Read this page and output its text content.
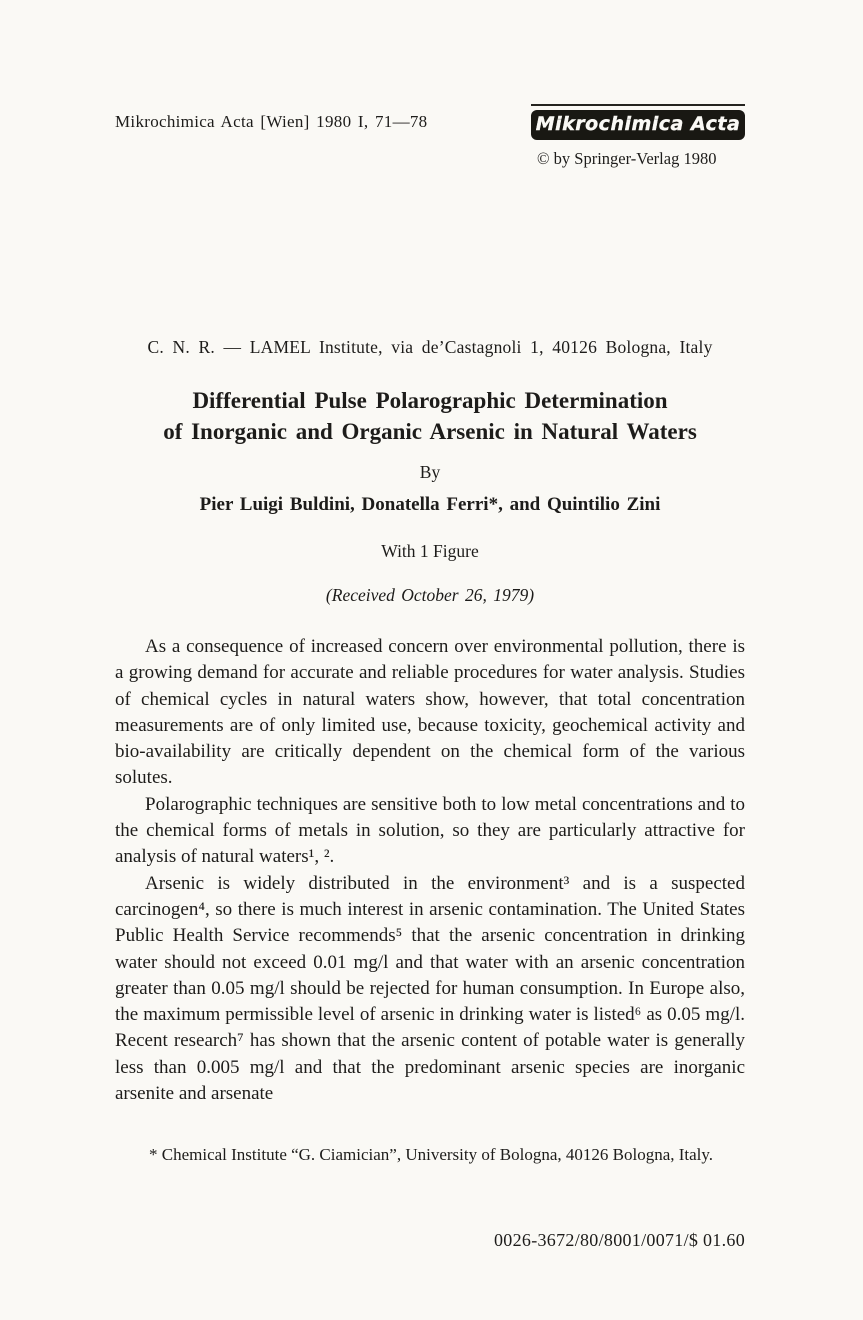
Mikrochimica Acta [Wien] 1980 I, 71—78	Mikrochimica Acta
© by Springer-Verlag 1980
C. N. R. — LAMEL Institute, via de’Castagnoli 1, 40126 Bologna, Italy
Differential Pulse Polarographic Determination
of Inorganic and Organic Arsenic in Natural Waters
By
Pier Luigi Buldini, Donatella Ferri*, and Quintilio Zini
With 1 Figure
(Received October 26, 1979)

As a consequence of increased concern over environmental pollution, there is a growing demand for accurate and reliable procedures for water analysis. Studies of chemical cycles in natural waters show, however, that total concentration measurements are of only limited use, because toxicity, geochemical activity and bio-availability are critically dependent on the chemical form of the various solutes.

Polarographic techniques are sensitive both to low metal concentrations and to the chemical forms of metals in solution, so they are particularly attractive for analysis of natural waters¹, ².

Arsenic is widely distributed in the environment³ and is a suspected carcinogen⁴, so there is much interest in arsenic contamination. The United States Public Health Service recommends⁵ that the arsenic concentration in drinking water should not exceed 0.01 mg/l and that water with an arsenic concentration greater than 0.05 mg/l should be rejected for human consumption. In Europe also, the maximum permissible level of arsenic in drinking water is listed⁶ as 0.05 mg/l. Recent research⁷ has shown that the arsenic content of potable water is generally less than 0.005 mg/l and that the predominant arsenic species are inorganic arsenite and arsenate

* Chemical Institute “G. Ciamician”, University of Bologna, 40126 Bologna, Italy.
0026-3672/80/8001/0071/$ 01.60
